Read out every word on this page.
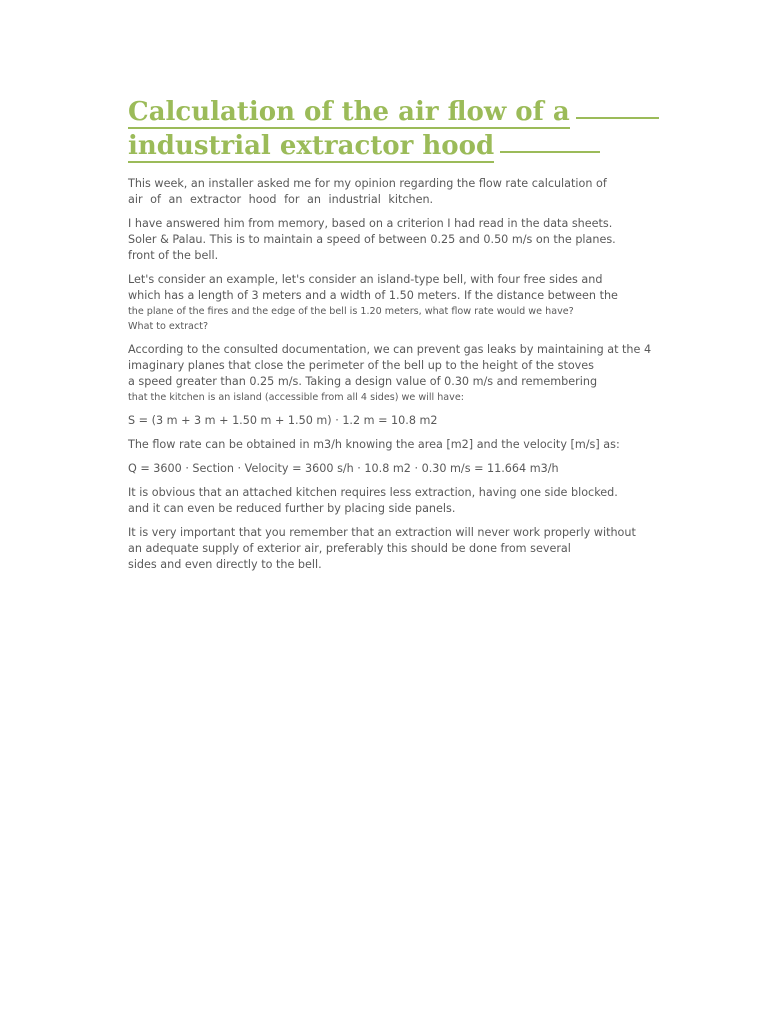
Calculation of the air flow of a
industrial extractor hood

This week, an installer asked me for my opinion regarding the flow rate calculation of
air of an extractor hood for an industrial kitchen.

I have answered him from memory, based on a criterion I had read in the data sheets.
Soler & Palau. This is to maintain a speed of between 0.25 and 0.50 m/s on the planes.
front of the bell.

Let's consider an example, let's consider an island-type bell, with four free sides and
which has a length of 3 meters and a width of 1.50 meters. If the distance between the
the plane of the fires and the edge of the bell is 1.20 meters, what flow rate would we have?
What to extract?

According to the consulted documentation, we can prevent gas leaks by maintaining at the 4
imaginary planes that close the perimeter of the bell up to the height of the stoves
a speed greater than 0.25 m/s. Taking a design value of 0.30 m/s and remembering
that the kitchen is an island (accessible from all 4 sides) we will have:

S = (3 m + 3 m + 1.50 m + 1.50 m) · 1.2 m = 10.8 m2

The flow rate can be obtained in m3/h knowing the area [m2] and the velocity [m/s] as:

Q = 3600 · Section · Velocity = 3600 s/h · 10.8 m2 · 0.30 m/s = 11.664 m3/h

It is obvious that an attached kitchen requires less extraction, having one side blocked.
and it can even be reduced further by placing side panels.

It is very important that you remember that an extraction will never work properly without
an adequate supply of exterior air, preferably this should be done from several
sides and even directly to the bell.
